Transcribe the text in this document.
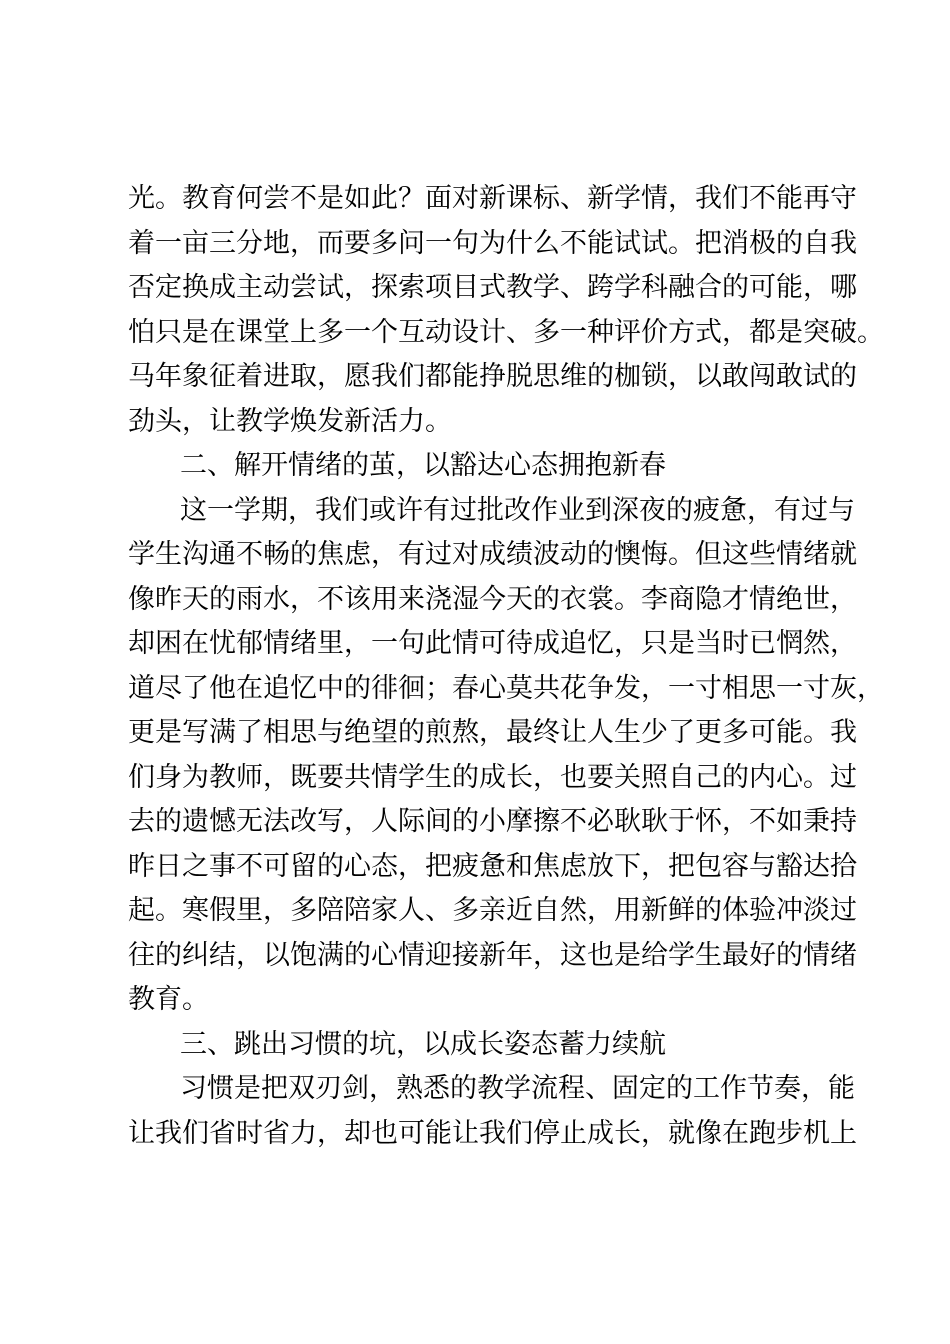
光。教育何尝不是如此？面对新课标、新学情，我们不能再守
着一亩三分地，而要多问一句为什么不能试试。把消极的自我
否定换成主动尝试，探索项目式教学、跨学科融合的可能，哪
怕只是在课堂上多一个互动设计、多一种评价方式，都是突破。
马年象征着进取，愿我们都能挣脱思维的枷锁，以敢闯敢试的
劲头，让教学焕发新活力。
二、解开情绪的茧，以豁达心态拥抱新春
这一学期，我们或许有过批改作业到深夜的疲惫，有过与
学生沟通不畅的焦虑，有过对成绩波动的懊悔。但这些情绪就
像昨天的雨水，不该用来浇湿今天的衣裳。李商隐才情绝世，
却困在忧郁情绪里，一句此情可待成追忆，只是当时已惘然，
道尽了他在追忆中的徘徊；春心莫共花争发，一寸相思一寸灰，
更是写满了相思与绝望的煎熬，最终让人生少了更多可能。我
们身为教师，既要共情学生的成长，也要关照自己的内心。过
去的遗憾无法改写，人际间的小摩擦不必耿耿于怀，不如秉持
昨日之事不可留的心态，把疲惫和焦虑放下，把包容与豁达拾
起。寒假里，多陪陪家人、多亲近自然，用新鲜的体验冲淡过
往的纠结，以饱满的心情迎接新年，这也是给学生最好的情绪
教育。
三、跳出习惯的坑，以成长姿态蓄力续航
习惯是把双刃剑，熟悉的教学流程、固定的工作节奏，能
让我们省时省力，却也可能让我们停止成长，就像在跑步机上
